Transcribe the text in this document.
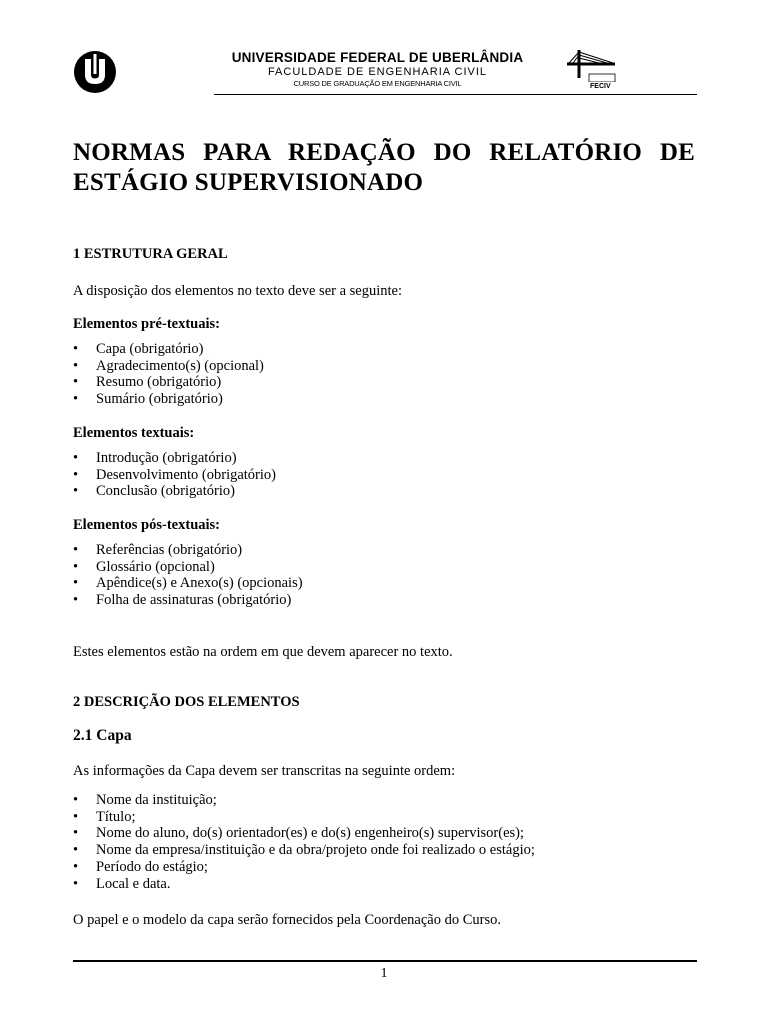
UNIVERSIDADE FEDERAL DE UBERLÂNDIA
FACULDADE DE ENGENHARIA CIVIL
CURSO DE GRADUAÇÃO EM ENGENHARIA CIVIL	FECIV
NORMAS PARA REDAÇÃO DO RELATÓRIO DE ESTÁGIO SUPERVISIONADO
1 ESTRUTURA GERAL
A disposição dos elementos no texto deve ser a seguinte:
Elementos pré-textuais:
• Capa (obrigatório)
• Agradecimento(s) (opcional)
• Resumo (obrigatório)
• Sumário (obrigatório)
Elementos textuais:
• Introdução (obrigatório)
• Desenvolvimento (obrigatório)
• Conclusão (obrigatório)
Elementos pós-textuais:
• Referências (obrigatório)
• Glossário (opcional)
• Apêndice(s) e Anexo(s) (opcionais)
• Folha de assinaturas (obrigatório)
Estes elementos estão na ordem em que devem aparecer no texto.
2 DESCRIÇÃO DOS ELEMENTOS
2.1 Capa
As informações da Capa devem ser transcritas na seguinte ordem:
• Nome da instituição;
• Título;
• Nome do aluno, do(s) orientador(es) e do(s) engenheiro(s) supervisor(es);
• Nome da empresa/instituição e da obra/projeto onde foi realizado o estágio;
• Período do estágio;
• Local e data.
O papel e o modelo da capa serão fornecidos pela Coordenação do Curso.
1
